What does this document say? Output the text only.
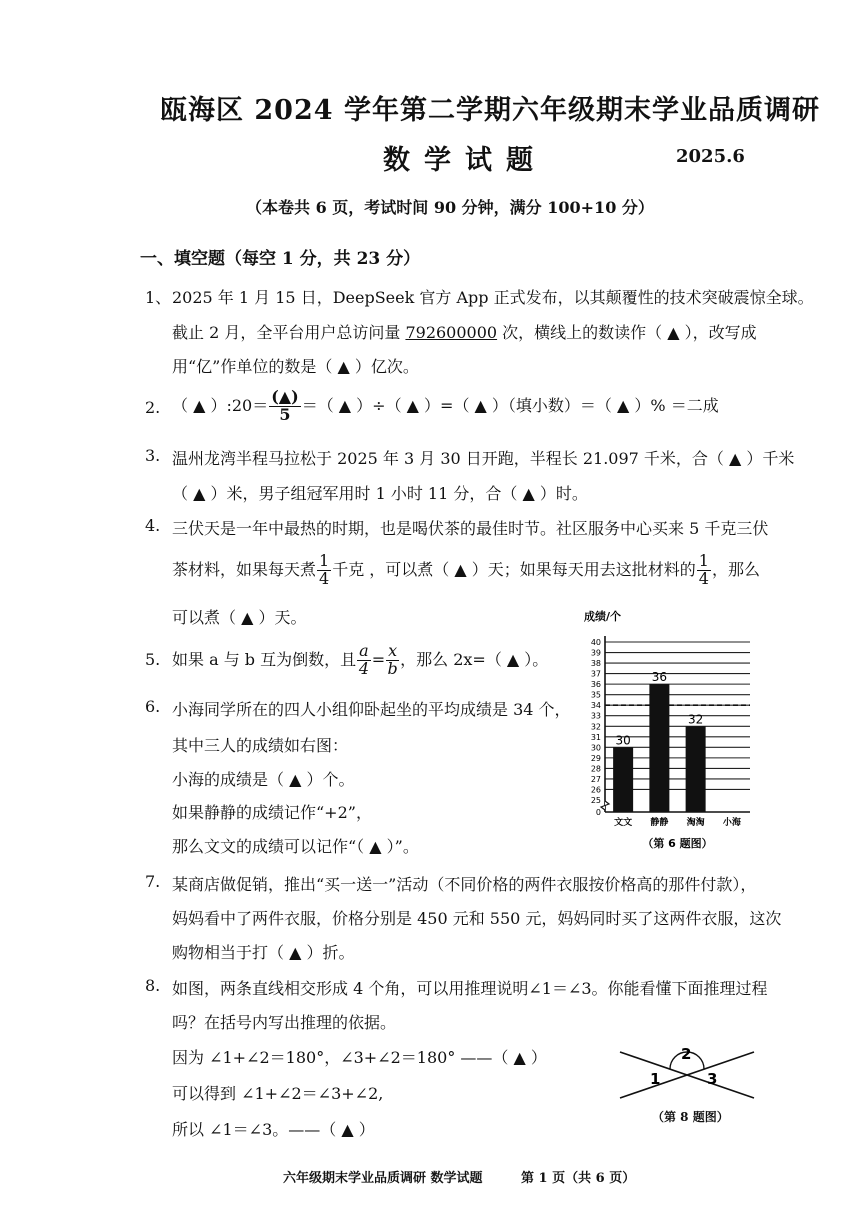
瓯海区 2024 学年第二学期六年级期末学业品质调研
数学试题	2025.6
（本卷共 6 页，考试时间 90 分钟，满分 100+10 分）
一、填空题（每空 1 分，共 23 分）
1、 2025 年 1 月 15 日，DeepSeek 官方 App 正式发布，以其颠覆性的技术突破震惊全球。
截止 2 月，全平台用户总访问量 792600000 次，横线上的数读作（ ▲ ），改写成
用“亿”作单位的数是（ ▲ ）亿次。
2. （ ▲ ）:20＝ $\frac{(▲)}{5}$ ＝（ ▲ ）÷（ ▲ ）=（ ▲ ）（填小数）＝（ ▲ ）% ＝二成
3. 温州龙湾半程马拉松于 2025 年 3 月 30 日开跑，半程长 21.097 千米，合（ ▲ ）千米
（ ▲ ）米，男子组冠军用时 1 小时 11 分，合（ ▲ ）时。
4. 三伏天是一年中最热的时期，也是喝伏茶的最佳时节。社区服务中心买来 5 千克三伏
茶材料，如果每天煮 $\frac{1}{4}$ 千克 ，可以煮（ ▲ ）天；如果每天用去这批材料的 $\frac{1}{4}$ ，那么
可以煮（ ▲ ）天。
5. 如果 a 与 b 互为倒数，且 $\frac{a}{4} = \frac{x}{b}$ ，那么 2x=（ ▲ ）。
6. 小海同学所在的四人小组仰卧起坐的平均成绩是 34 个，
其中三人的成绩如右图：
小海的成绩是（ ▲ ）个。
如果静静的成绩记作“+2”，
那么文文的成绩可以记作“（ ▲ ）”。
成绩/个
0
25
26
27
28
29
30
31
32
33
34
35
36
37
38
39
40
30
文文
36
静静
32
淘淘 小海
（第 6 题图）
7. 某商店做促销，推出“买一送一”活动（不同价格的两件衣服按价格高的那件付款），
妈妈看中了两件衣服，价格分别是 450 元和 550 元，妈妈同时买了这两件衣服，这次
购物相当于打（ ▲ ）折。
8. 如图，两条直线相交形成 4 个角，可以用推理说明∠1＝∠3。你能看懂下面推理过程
吗？在括号内写出推理的依据。
因为 ∠1+∠2＝180°，∠3+∠2＝180° ——（ ▲ ）
可以得到 ∠1+∠2＝∠3+∠2,
所以 ∠1＝∠3。——（ ▲ ）
2
1	3
（第 8 题图）
六年级期末学业品质调研 数学试题	第 1 页（共 6 页）
